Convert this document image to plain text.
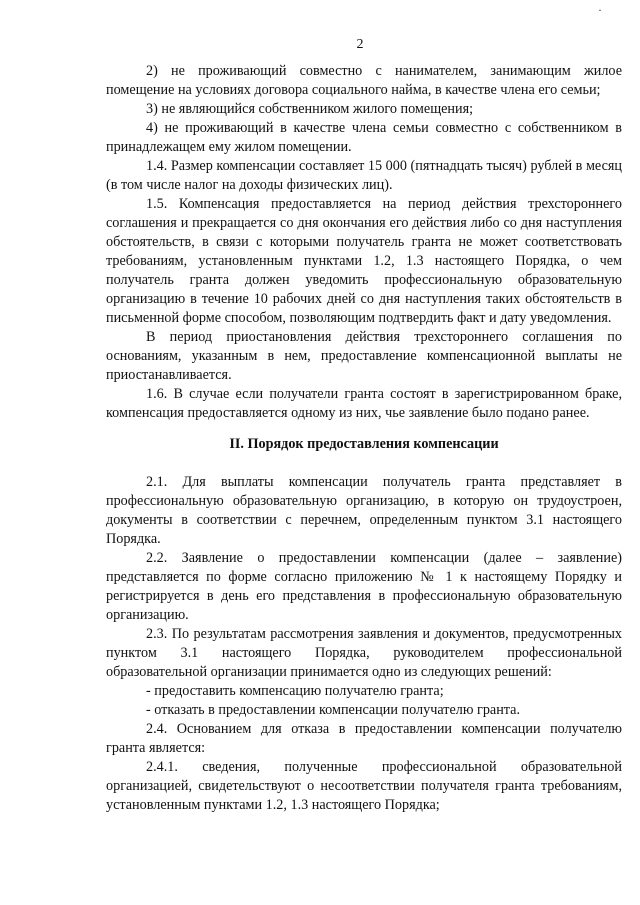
·
2

2) не проживающий совместно с нанимателем, занимающим жилое помещение на условиях договора социального найма, в качестве члена его семьи;

3) не являющийся собственником жилого помещения;

4) не проживающий в качестве члена семьи совместно с собственником в принадлежащем ему жилом помещении.

1.4. Размер компенсации составляет 15 000 (пятнадцать тысяч) рублей в месяц (в том числе налог на доходы физических лиц).

1.5. Компенсация предоставляется на период действия трехстороннего соглашения и прекращается со дня окончания его действия либо со дня наступления обстоятельств, в связи с которыми получатель гранта не может соответствовать требованиям, установленным пунктами 1.2, 1.3 настоящего Порядка, о чем получатель гранта должен уведомить профессиональную образовательную организацию в течение 10 рабочих дней со дня наступления таких обстоятельств в письменной форме способом, позволяющим подтвердить факт и дату уведомления.

В период приостановления действия трехстороннего соглашения по основаниям, указанным в нем, предоставление компенсационной выплаты не приостанавливается.

1.6. В случае если получатели гранта состоят в зарегистрированном браке, компенсация предоставляется одному из них, чье заявление было подано ранее.

II. Порядок предоставления компенсации

2.1. Для выплаты компенсации получатель гранта представляет в профессиональную образовательную организацию, в которую он трудоустроен, документы в соответствии с перечнем, определенным пунктом 3.1 настоящего Порядка.

2.2. Заявление о предоставлении компенсации (далее – заявление) представляется по форме согласно приложению № 1 к настоящему Порядку и регистрируется в день его представления в профессиональную образовательную организацию.

2.3. По результатам рассмотрения заявления и документов, предусмотренных пунктом 3.1 настоящего Порядка, руководителем профессиональной образовательной организации принимается одно из следующих решений:

- предоставить компенсацию получателю гранта;

- отказать в предоставлении компенсации получателю гранта.

2.4. Основанием для отказа в предоставлении компенсации получателю гранта является:

2.4.1. сведения, полученные профессиональной образовательной организацией, свидетельствуют о несоответствии получателя гранта требованиям, установленным пунктами 1.2, 1.3 настоящего Порядка;
